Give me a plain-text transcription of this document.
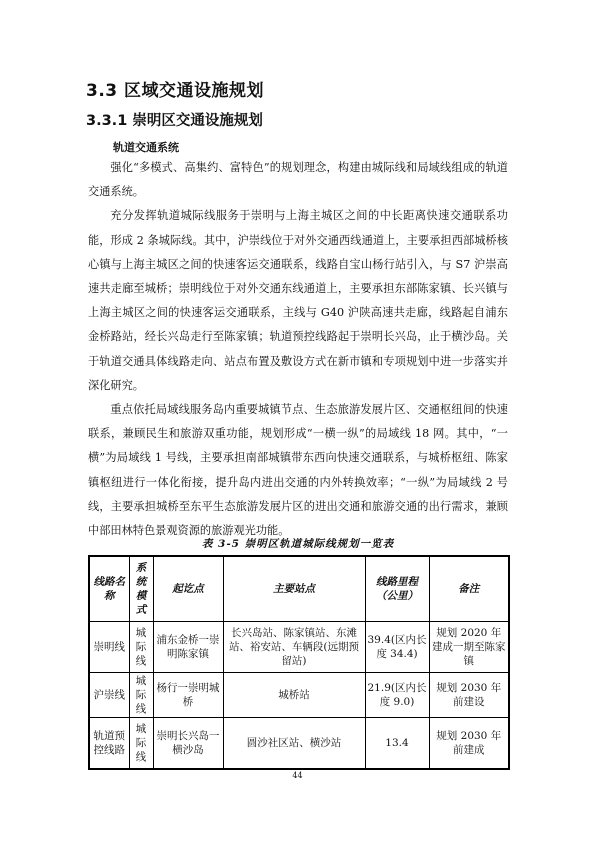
3.3 区域交通设施规划
3.3.1 崇明区交通设施规划
轨道交通系统

强化“多模式、高集约、富特色”的规划理念，构建由城际线和局域线组成的轨道交通系统。

充分发挥轨道城际线服务于崇明与上海主城区之间的中长距离快速交通联系功能，形成 2 条城际线。其中，沪崇线位于对外交通西线通道上，主要承担西部城桥核心镇与上海主城区之间的快速客运交通联系，线路自宝山杨行站引入，与 S7 沪崇高速共走廊至城桥；崇明线位于对外交通东线通道上，主要承担东部陈家镇、长兴镇与上海主城区之间的快速客运交通联系，主线与 G40 沪陕高速共走廊，线路起自浦东金桥路站，经长兴岛走行至陈家镇；轨道预控线路起于崇明长兴岛，止于横沙岛。关于轨道交通具体线路走向、站点布置及敷设方式在新市镇和专项规划中进一步落实并深化研究。

重点依托局域线服务岛内重要城镇节点、生态旅游发展片区、交通枢纽间的快速联系，兼顾民生和旅游双重功能，规划形成“一横一纵”的局域线 18 网。其中，“一横”为局域线 1 号线，主要承担南部城镇带东西向快速交通联系，与城桥枢纽、陈家镇枢纽进行一体化衔接，提升岛内进出交通的内外转换效率；“一纵”为局域线 2 号线，主要承担城桥至东平生态旅游发展片区的进出交通和旅游交通的出行需求，兼顾中部田林特色景观资源的旅游观光功能。

表 3-5 崇明区轨道城际线规划一览表
线路名称	系统模式	起讫点	主要站点	线路里程（公里）	备注
崇明线	城际线	浦东金桥一崇明陈家镇	长兴岛站、陈家镇站、东滩站、裕安站、车辆段(远期预留站)	39.4(区内长度 34.4)	规划 2020 年建成一期至陈家镇
沪崇线	城际线	杨行一崇明城桥	城桥站	21.9(区内长度 9.0)	规划 2030 年前建设
轨道预控线路	城际线	崇明长兴岛一横沙岛	圆沙社区站、横沙站	13.4	规划 2030 年前建成
44
